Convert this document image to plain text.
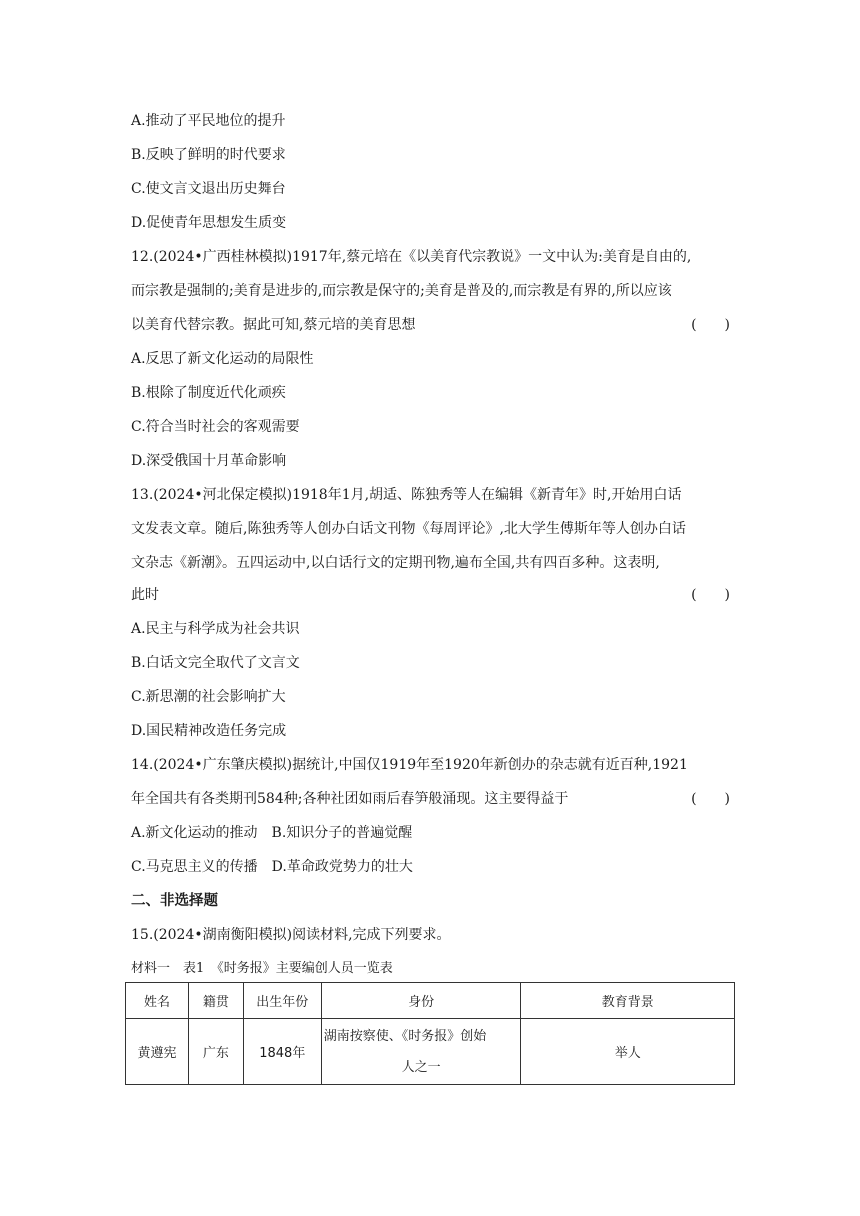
A.推动了平民地位的提升
B.反映了鲜明的时代要求
C.使文言文退出历史舞台
D.促使青年思想发生质变
12.(2024•广西桂林模拟)1917年,蔡元培在《以美育代宗教说》一文中认为:美育是自由的,
而宗教是强制的;美育是进步的,而宗教是保守的;美育是普及的,而宗教是有界的,所以应该
以美育代替宗教。据此可知,蔡元培的美育思想	(　　)
A.反思了新文化运动的局限性
B.根除了制度近代化顽疾
C.符合当时社会的客观需要
D.深受俄国十月革命影响
13.(2024•河北保定模拟)1918年1月,胡适、陈独秀等人在编辑《新青年》时,开始用白话
文发表文章。随后,陈独秀等人创办白话文刊物《每周评论》,北大学生傅斯年等人创办白话
文杂志《新潮》。五四运动中,以白话行文的定期刊物,遍布全国,共有四百多种。这表明,
此时	(　　)
A.民主与科学成为社会共识
B.白话文完全取代了文言文
C.新思潮的社会影响扩大
D.国民精神改造任务完成
14.(2024•广东肇庆模拟)据统计,中国仅1919年至1920年新创办的杂志就有近百种,1921
年全国共有各类期刊584种;各种社团如雨后春笋般涌现。这主要得益于	(　　)
A.新文化运动的推动　B.知识分子的普遍觉醒
C.马克思主义的传播　D.革命政党势力的壮大
二、非选择题
15.(2024•湖南衡阳模拟)阅读材料,完成下列要求。
材料一　表1　《时务报》主要编创人员一览表
姓名	籍贯	出生年份	身份	教育背景
黄遵宪	广东	1848年	湖南按察使、《时务报》创始
人之一	举人
